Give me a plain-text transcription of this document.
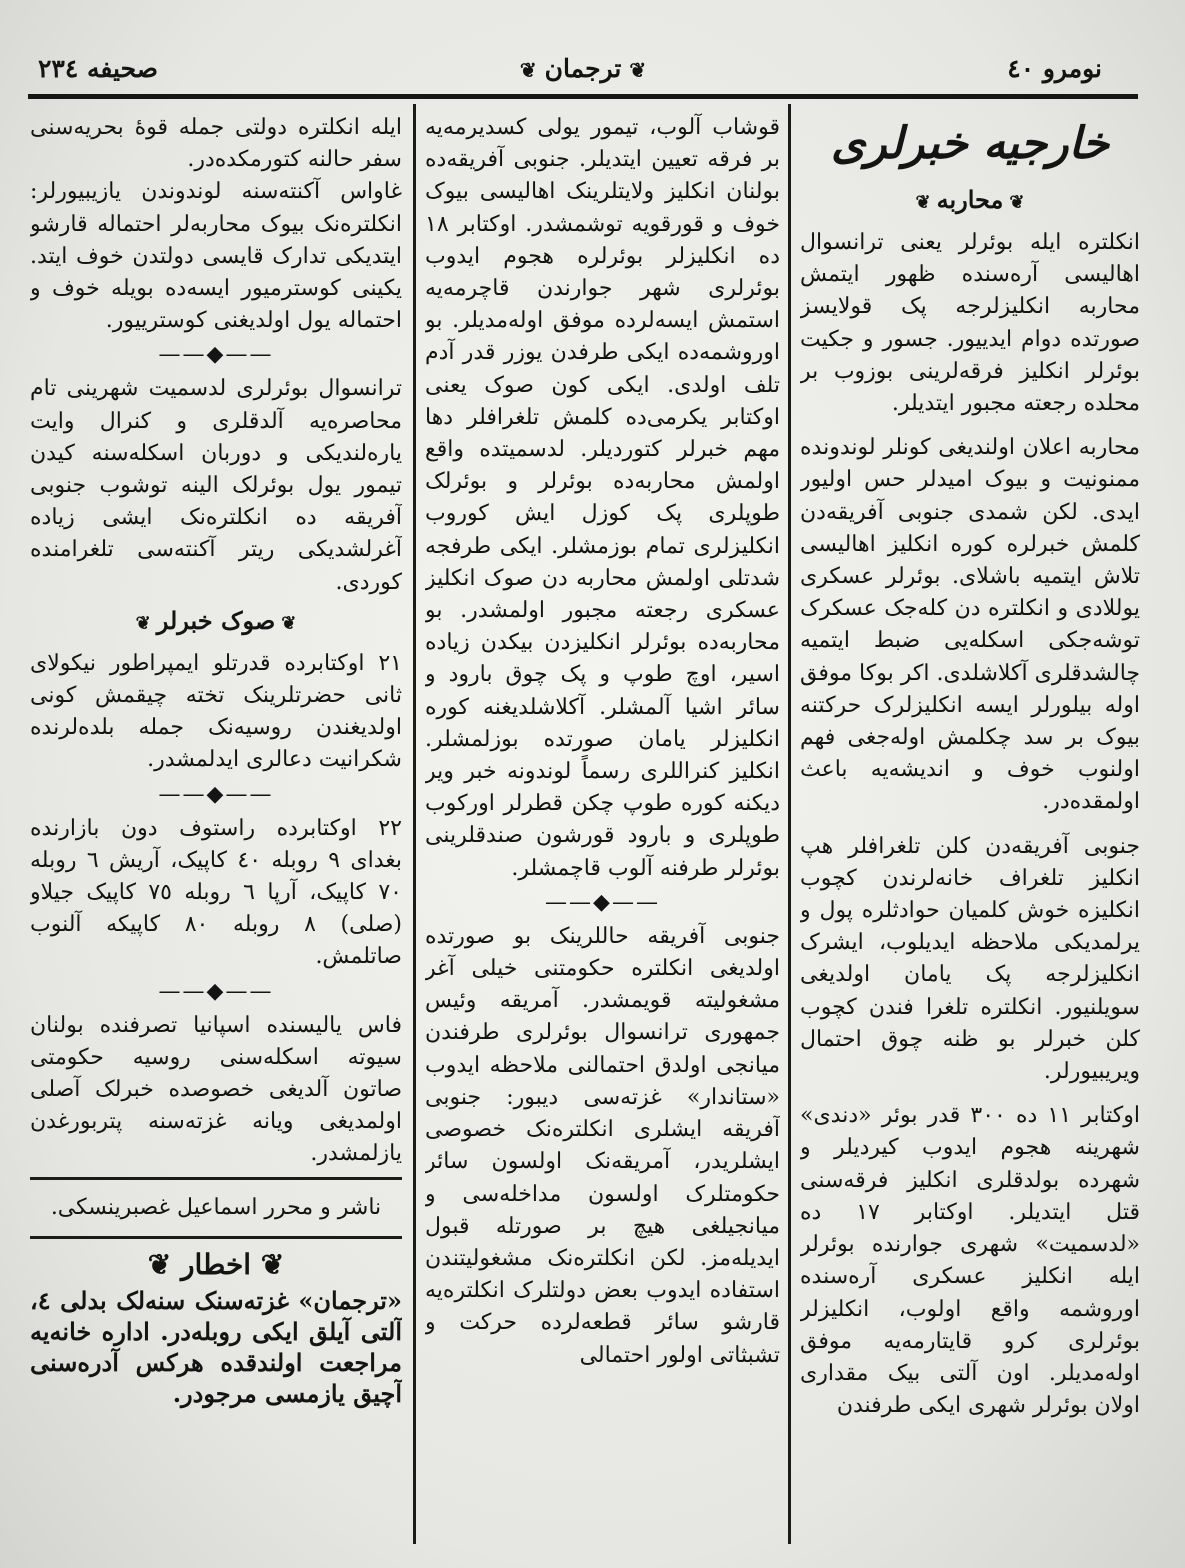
نومرو ٤٠
❦ترجمان❦
صحیفه ٢٣٤
خارجیه خبرلری
❦محاربه❦

انکلتره ایله بوئرلر یعنی ترانسوال اهالیسی آره‌سنده ظهور ایتمش محاربه انکلیزلرجه پک قولایسز صورتده دوام ایدییور. جسور و جکیت بوئرلر انکلیز فرقه‌لرینی بوزوب بر محلده رجعته مجبور ایتدیلر.

محاربه اعلان اولندیغی کونلر لوندونده ممنونیت و بیوک امیدلر حس اولیور ایدی. لکن شمدی جنوبی آفریقه‌دن کلمش خبرلره کوره انکلیز اهالیسی تلاش ایتمیه باشلای. بوئرلر عسکری یوللادی و انکلتره دن کله‌جک عسکرک توشه‌جکی اسکله‌یی ضبط ایتمیه چالشدقلری آکلاشلدی. اکر بوکا موفق اوله بیلورلر ایسه انکلیزلرک حرکتنه بیوک بر سد چکلمش اوله‌جغی فهم اولنوب خوف و اندیشه‌یه باعث اولمقده‌در.

جنوبی آفریقه‌دن کلن تلغرافلر هپ انکلیز تلغراف خانه‌لرندن کچوب انکلیزه خوش کلمیان حوادثلره پول و یرلمدیکی ملاحظه ایدیلوب، ایشرک انکلیزلرجه پک یامان اولدیغی سویلنیور. انکلتره تلغرا فندن کچوب کلن خبرلر بو ظنه چوق احتمال ویریبیورلر.

اوکتابر ١١ ده ٣٠٠ قدر بوئر «دندی» شهرینه هجوم ایدوب کیردیلر و شهرده بولدقلری انکلیز فرقه‌سنی قتل ایتدیلر. اوکتابر ١٧ ده «لدسمیت» شهری جوارنده بوئرلر ایله انکلیز عسکری آره‌سنده اوروشمه واقع اولوب، انکلیزلر بوئرلری کرو قایتارمه‌یه موفق اوله‌مدیلر. اون آلتی بیک مقداری اولان بوئرلر شهری ایکی طرفندن

قوشاب آلوب، تیمور یولی کسدیرمه‌یه بر فرقه تعیین ایتدیلر. جنوبی آفریقه‌ده بولنان انکلیز ولایتلرینک اهالیسی بیوک خوف و قورقویه توشمشدر. اوکتابر ١٨ ده انکلیزلر بوئرلره هجوم ایدوب بوئرلری شهر جوارندن قاچرمه‌یه استمش ایسه‌لرده موفق اوله‌مدیلر. بو اوروشمه‌ده ایکی طرفدن یوزر قدر آدم تلف اولدی. ایکی کون صوک یعنی اوکتابر یکرمی‌ده کلمش تلغرافلر دها مهم خبرلر کتوردیلر. لدسمیتده واقع اولمش محاربه‌ده بوئرلر و بوئرلک طوپلری پک کوزل ایش کوروب انکلیزلری تمام بوزمشلر. ایکی طرفجه شدتلی اولمش محاربه دن صوک انکلیز عسکری رجعته مجبور اولمشدر. بو محاربه‌ده بوئرلر انکلیزدن بیکدن زیاده اسیر، اوچ طوپ و پک چوق بارود و سائر اشیا آلمشلر. آکلاشلدیغنه کوره انکلیزلر یامان صورتده بوزلمشلر. انکلیز کنراللری رسماً لوندونه خبر ویر دیکنه کوره طوپ چکن قطرلر اورکوب طوپلری و بارود قورشون صندقلرینی بوئرلر طرفنه آلوب قاچمشلر.

——◆——

جنوبی آفریقه حاللرینک بو صورتده اولدیغی انکلتره حکومتنی خیلی آغر مشغولیته قویمشدر. آمریقه وئیس جمهوری ترانسوال بوئرلری طرفندن میانجی اولدق احتمالنی ملاحظه ایدوب «ستاندار» غزته‌سی دیبور: جنوبی آفریقه ایشلری انکلتره‌نک خصوصی ایشلریدر، آمریقه‌نک اولسون سائر حکومتلرک اولسون مداخله‌سی و میانجیلغی هیچ بر صورتله قبول ایدیله‌مز. لکن انکلتره‌نک مشغولیتندن استفاده ایدوب بعض دولتلرک انکلتره‌یه قارشو سائر قطعه‌لرده حرکت و تشبثاتی اولور احتمالی

ایله انکلتره دولتی جمله قوهٔ بحریه‌سنی سفر حالنه کتورمکده‌در.

غاواس آکنته‌سنه لوندوندن یازیبیورلر: انکلتره‌نک بیوک محاربه‌لر احتماله قارشو ایتدیکی تدارک قایسی دولتدن خوف ایتد. یکینی کوسترمیور ایسه‌ده بویله خوف و احتماله یول اولدیغنی کوسترییور.

——◆——

ترانسوال بوئرلری لدسمیت شهرینی تام محاصره‌یه آلدقلری و کنرال وایت یاره‌لندیکی و دوربان اسکله‌سنه کیدن تیمور یول بوئرلک الینه توشوب جنوبی آفریقه ده انکلتره‌نک ایشی زیاده آغرلشدیکی ریتر آکنته‌سی تلغرامنده کوردی.

❦صوک خبرلر❦

٢١ اوکتابرده قدرتلو ایمپراطور نیکولای ثانی حضرتلرینک تخته چیقمش کونی اولدیغندن روسیه‌نک جمله بلده‌لرنده شکرانیت دعالری ایدلمشدر.

——◆——

٢٢ اوکتابرده راستوف دون بازارنده بغدای ٩ روبله ٤٠ کاپیک، آریش ٦ روبله ٧٠ کاپیک، آرپا ٦ روبله ٧٥ کاپیک جیلاو (صلی) ٨ روبله ٨٠ کاپیکه آلنوب صاتلمش.

——◆——

فاس یالیسنده اسپانیا تصرفنده بولنان سیوته اسکله‌سنی روسیه حکومتی صاتون آلدیغی خصوصده خبرلک آصلی اولمدیغی ویانه غزته‌سنه پتربورغدن یازلمشدر.

ناشر و محرر اسماعیل غصبرینسکی.
❦ اخطار ❦

«ترجمان» غزته‌سنک سنه‌لک بدلی ٤، آلتی آیلق ایکی روبله‌در. اداره خانه‌یه مراجعت اولندقده هرکس آدره‌سنی آچیق یازمسی مرجودر.
